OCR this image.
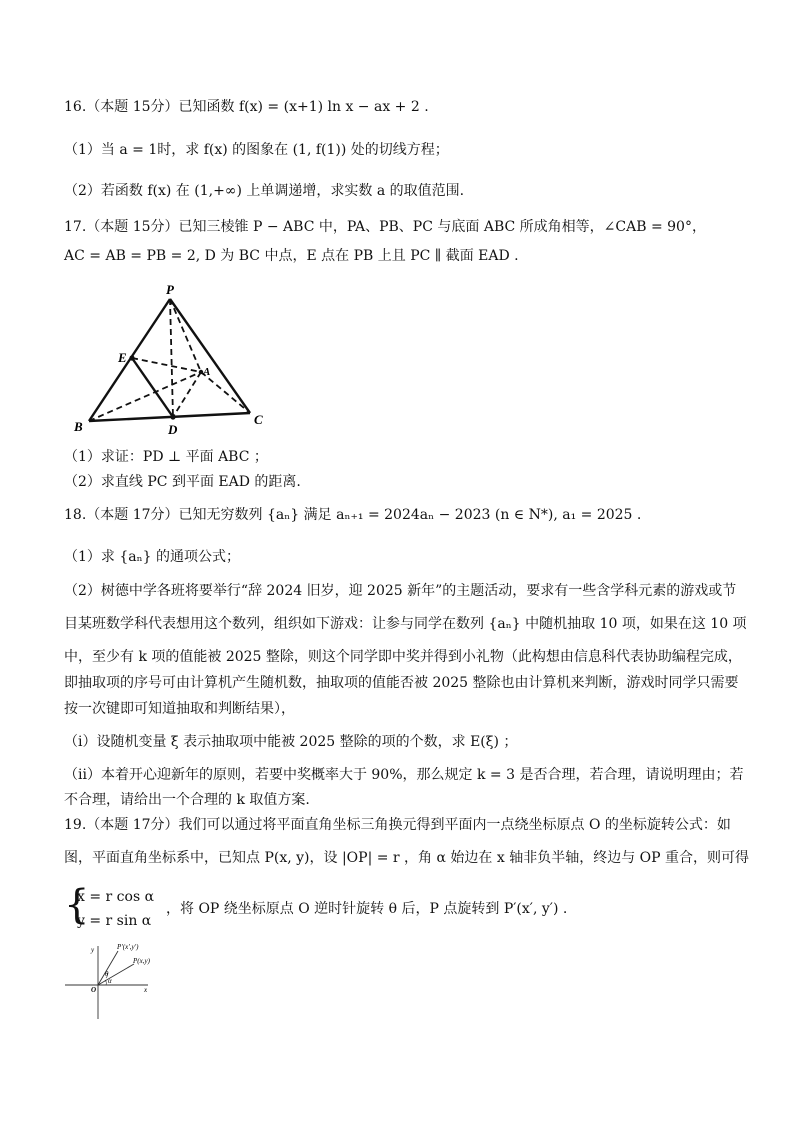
16.（本题 15分）已知函数 f(x) = (x+1) ln x − ax + 2 .
（1）当 a = 1时，求 f(x) 的图象在 (1, f(1)) 处的切线方程；
（2）若函数 f(x) 在 (1,+∞) 上单调递增，求实数 a 的取值范围.
17.（本题 15分）已知三棱锥 P − ABC 中，PA、PB、PC 与底面 ABC 所成角相等，∠CAB = 90°，
AC = AB = PB = 2, D 为 BC 中点，E 点在 PB 上且 PC ∥ 截面 EAD .
P
E
A
B	D
C
（1）求证：PD ⊥ 平面 ABC ；
（2）求直线 PC 到平面 EAD 的距离.
18.（本题 17分）已知无穷数列 {aₙ} 满足 aₙ₊₁ = 2024aₙ − 2023 (n ∈ N*), a₁ = 2025 .
（1）求 {aₙ} 的通项公式；
（2）树德中学各班将要举行“辞 2024 旧岁，迎 2025 新年”的主题活动，要求有一些含学科元素的游戏或节
目某班数学科代表想用这个数列，组织如下游戏：让参与同学在数列 {aₙ} 中随机抽取 10 项，如果在这 10 项
中，至少有 k 项的值能被 2025 整除，则这个同学即中奖并得到小礼物（此构想由信息科代表协助编程完成，
即抽取项的序号可由计算机产生随机数，抽取项的值能否被 2025 整除也由计算机来判断，游戏时同学只需要
按一次键即可知道抽取和判断结果），
（i）设随机变量 ξ 表示抽取项中能被 2025 整除的项的个数，求 E(ξ) ；
（ii）本着开心迎新年的原则，若要中奖概率大于 90%，那么规定 k = 3 是否合理，若合理，请说明理由；若
不合理，请给出一个合理的 k 取值方案.
19.（本题 17分）我们可以通过将平面直角坐标三角换元得到平面内一点绕坐标原点 O 的坐标旋转公式：如
图，平面直角坐标系中，已知点 P(x, y)，设 |OP| = r ，角 α 始边在 x 轴非负半轴，终边与 OP 重合，则可得
{
x = r cos α
y = r sin α
，将 OP 绕坐标原点 O 逆时针旋转 θ 后，P 点旋转到 P′(x′, y′) .
y
x
O
P′(x′,y′)
P(x,y)
θ
α
